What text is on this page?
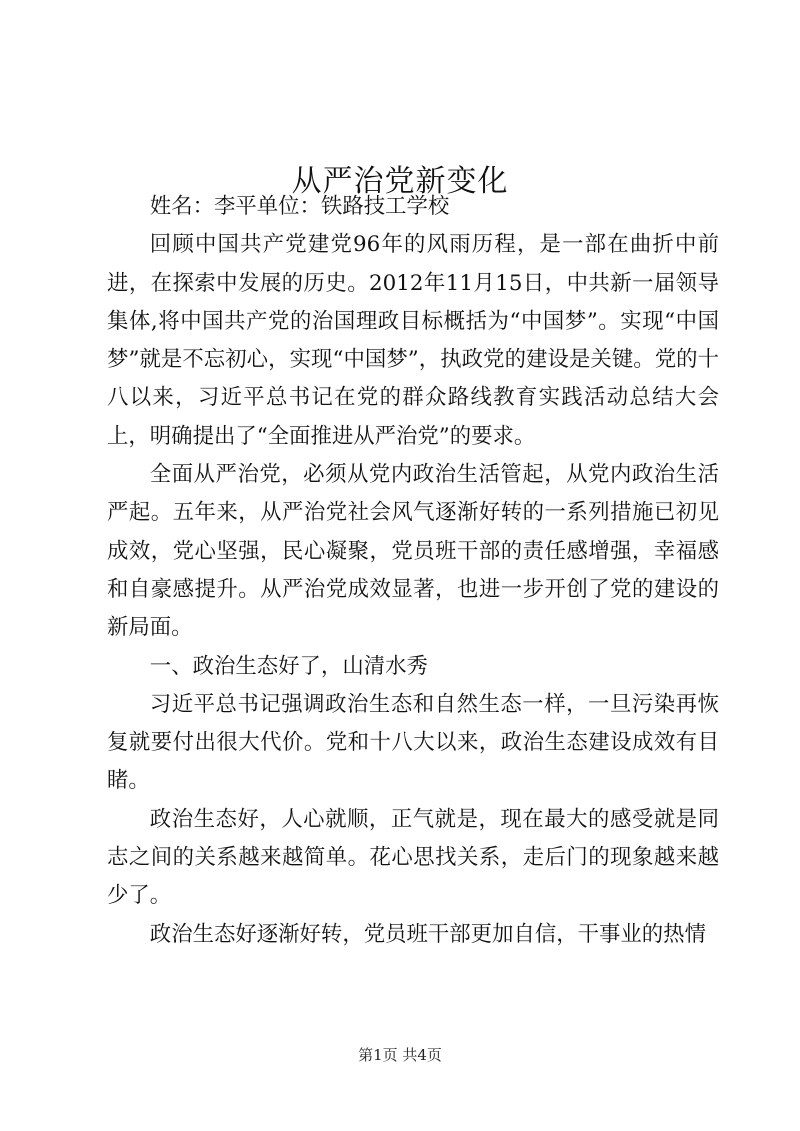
从严治党新变化

姓名：李平单位：铁路技工学校

回顾中国共产党建党96年的风雨历程，是一部在曲折中前进，在探索中发展的历史。2012年11月15日，中共新一届领导集体,将中国共产党的治国理政目标概括为“中国梦”。实现“中国梦”就是不忘初心，实现“中国梦”，执政党的建设是关键。党的十八以来，习近平总书记在党的群众路线教育实践活动总结大会上，明确提出了“全面推进从严治党”的要求。

全面从严治党，必须从党内政治生活管起，从党内政治生活严起。五年来，从严治党社会风气逐渐好转的一系列措施已初见成效，党心坚强，民心凝聚，党员班干部的责任感增强，幸福感和自豪感提升。从严治党成效显著，也进一步开创了党的建设的新局面。

一、政治生态好了，山清水秀

习近平总书记强调政治生态和自然生态一样，一旦污染再恢复就要付出很大代价。党和十八大以来，政治生态建设成效有目睹。

政治生态好，人心就顺，正气就是，现在最大的感受就是同志之间的关系越来越简单。花心思找关系，走后门的现象越来越少了。

政治生态好逐渐好转，党员班干部更加自信，干事业的热情

第1页 共4页
